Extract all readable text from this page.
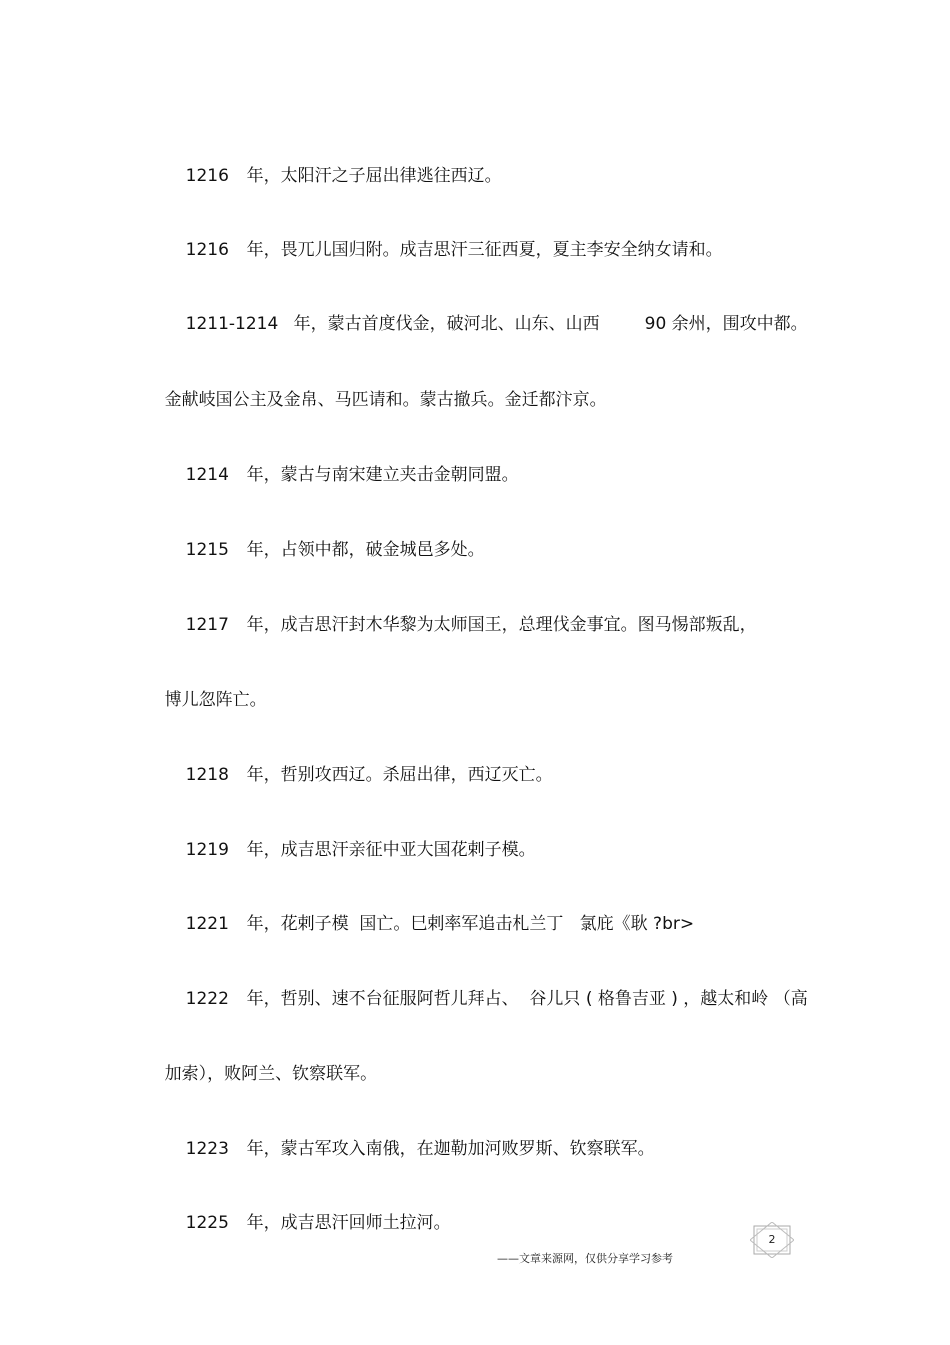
1216 年，太阳汗之子屈出律逃往西辽。

1216 年，畏兀儿国归附。成吉思汗三征西夏，夏主李安全纳女请和。

1211-1214 年，蒙古首度伐金，破河北、山东、山西	90 余州，围攻中都。

金献岐国公主及金帛、马匹请和。蒙古撤兵。金迁都汴京。

1214 年，蒙古与南宋建立夹击金朝同盟。

1215 年，占领中都，破金城邑多处。

1217 年，成吉思汗封木华黎为太师国王，总理伐金事宜。图马惕部叛乱，

博儿忽阵亡。

1218 年，哲别攻西辽。杀屈出律，西辽灭亡。

1219 年，成吉思汗亲征中亚大国花剌子模。

1221 年，花剌子模  国亡。巳剌率军追击札兰丁   氯庇《耿 ?br>

1222 年，哲别、速不台征服阿哲儿拜占、  谷儿只 ( 格鲁吉亚 ) ，越太和岭 （高

加索），败阿兰、钦察联军。

1223 年，蒙古军攻入南俄，在迦勒加河败罗斯、钦察联军。

1225 年，成吉思汗回师土拉河。

2
——文章来源网，仅供分享学习参考
